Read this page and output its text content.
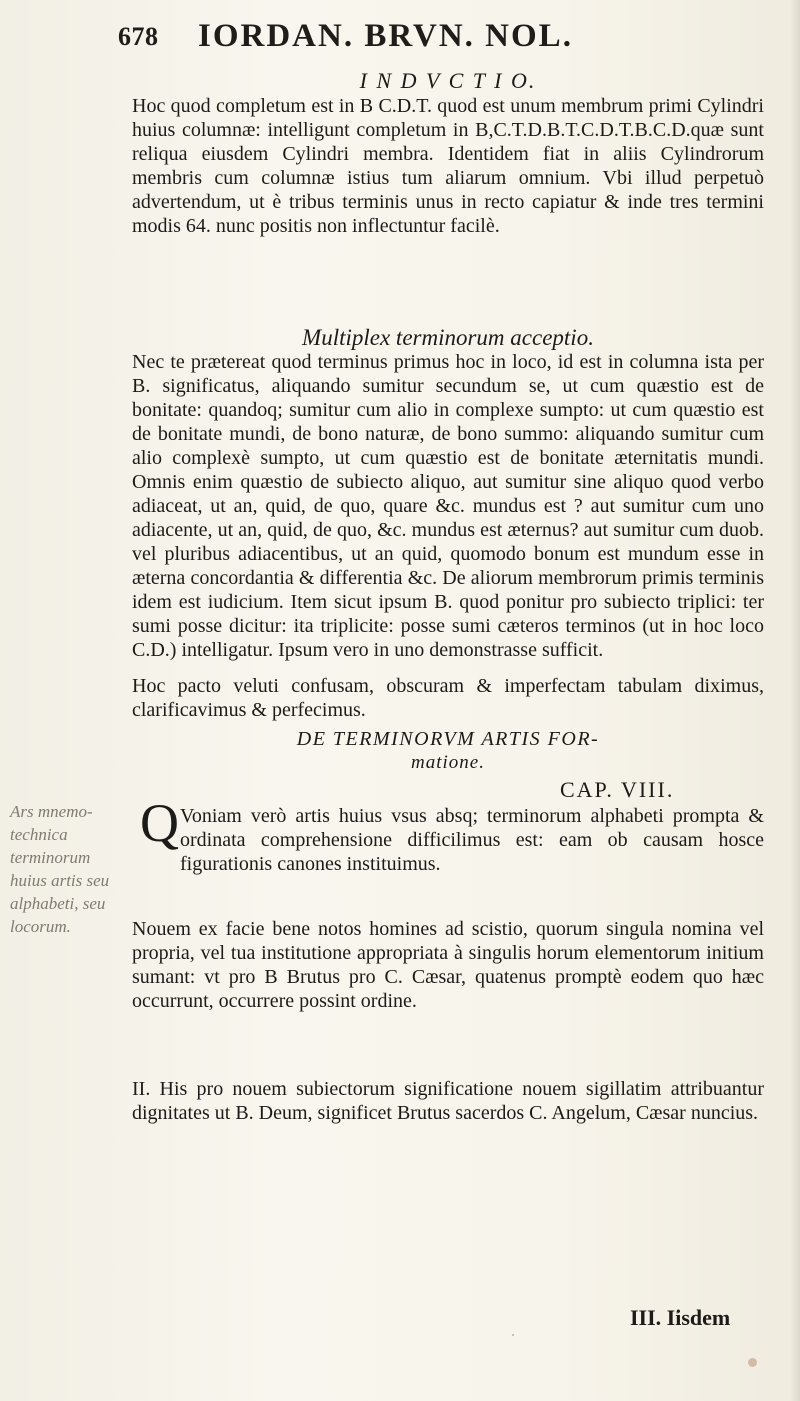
678 IORDAN. BRVN. NOL.
I N D V C T I O.
Hoc quod completum est in B C.D.T. quod est unum membrum primi Cylindri huius columnæ: intelligunt completum in B,C.T.D.B.T.C.D.T.B.C.D.quæ sunt reliqua eiusdem Cylindri membra. Identidem fiat in aliis Cylindrorum membris cum columnæ istius tum aliarum omnium. Vbi illud perpetuò advertendum, ut è tribus terminis unus in recto capiatur & inde tres termini modis 64. nunc positis non inflectuntur facilè.
Multiplex terminorum acceptio.
Nec te prætereat quod terminus primus hoc in loco, id est in columna ista per B. significatus, aliquando sumitur secundum se, ut cum quæstio est de bonitate: quandoq; sumitur cum alio in complexe sumpto: ut cum quæstio est de bonitate mundi, de bono naturæ, de bono summo: aliquando sumitur cum alio complexè sumpto, ut cum quæstio est de bonitate æternitatis mundi. Omnis enim quæstio de subiecto aliquo, aut sumitur sine aliquo quod verbo adiaceat, ut an, quid, de quo, quare &c. mundus est ? aut sumitur cum uno adiacente, ut an, quid, de quo, &c. mundus est æternus? aut sumitur cum duob. vel pluribus adiacentibus, ut an quid, quomodo bonum est mundum esse in æterna concordantia & differentia &c. De aliorum membrorum primis terminis idem est iudicium. Item sicut ipsum B. quod ponitur pro subiecto triplici: ter sumi posse dicitur: ita triplicite: posse sumi cæteros terminos (ut in hoc loco C.D.) intelligatur. Ipsum vero in uno demonstrasse sufficit.
Hoc pacto veluti confusam, obscuram & imperfectam tabulam diximus, clarificavimus & perfecimus.
DE TERMINORVM ARTIS FOR-
matione.
CAP. VIII.
Ars mnemo-technica terminorum huius artis seu alphabeti, seu locorum.
Q Voniam verò artis huius vsus absq; terminorum alphabeti prompta & ordinata comprehensione difficilimus est: eam ob causam hosce figurationis canones instituimus.
Nouem ex facie bene notos homines ad scistio, quorum singula nomina vel propria, vel tua institutione appropriata à singulis horum elementorum initium sumant: vt pro B Brutus pro C. Cæsar, quatenus promptè eodem quo hæc occurrunt, occurrere possint ordine.
II. His pro nouem subiectorum significatione nouem sigillatim attribuantur dignitates ut B. Deum, significet Brutus sacerdos C. Angelum, Cæsar nuncius.
III. Iisdem
